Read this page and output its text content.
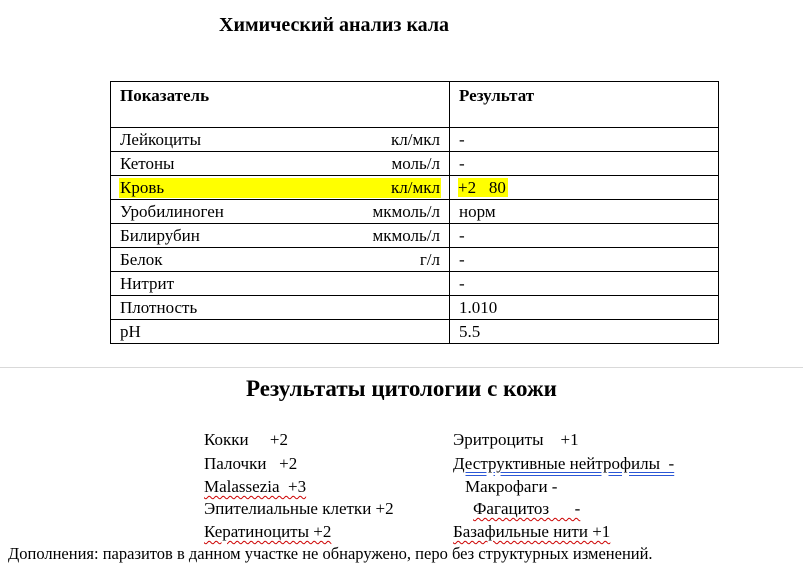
Химический анализ кала
Показатель	Результат

Лейкоциты кл/мкл	-

Кетоны моль/л	-

Кровь кл/мкл	+2   80

Уробилиноген мкмоль/л	норм

Билирубин мкмоль/л	-

Белок г/л	-

Нитрит	-

Плотность	1.010

pH	5.5
Результаты цитологии с кожи
Кокки     +2
Палочки   +2
Malassezia  +3
Эпителиальные клетки +2
Кератиноциты +2
Эритроциты    +1
Деструктивные нейтрофилы  -
Макрофаги -
Фагацитоз      -
Базафильные нити +1
Дополнения: паразитов в данном участке не обнаружено, перо без структурных изменений.
